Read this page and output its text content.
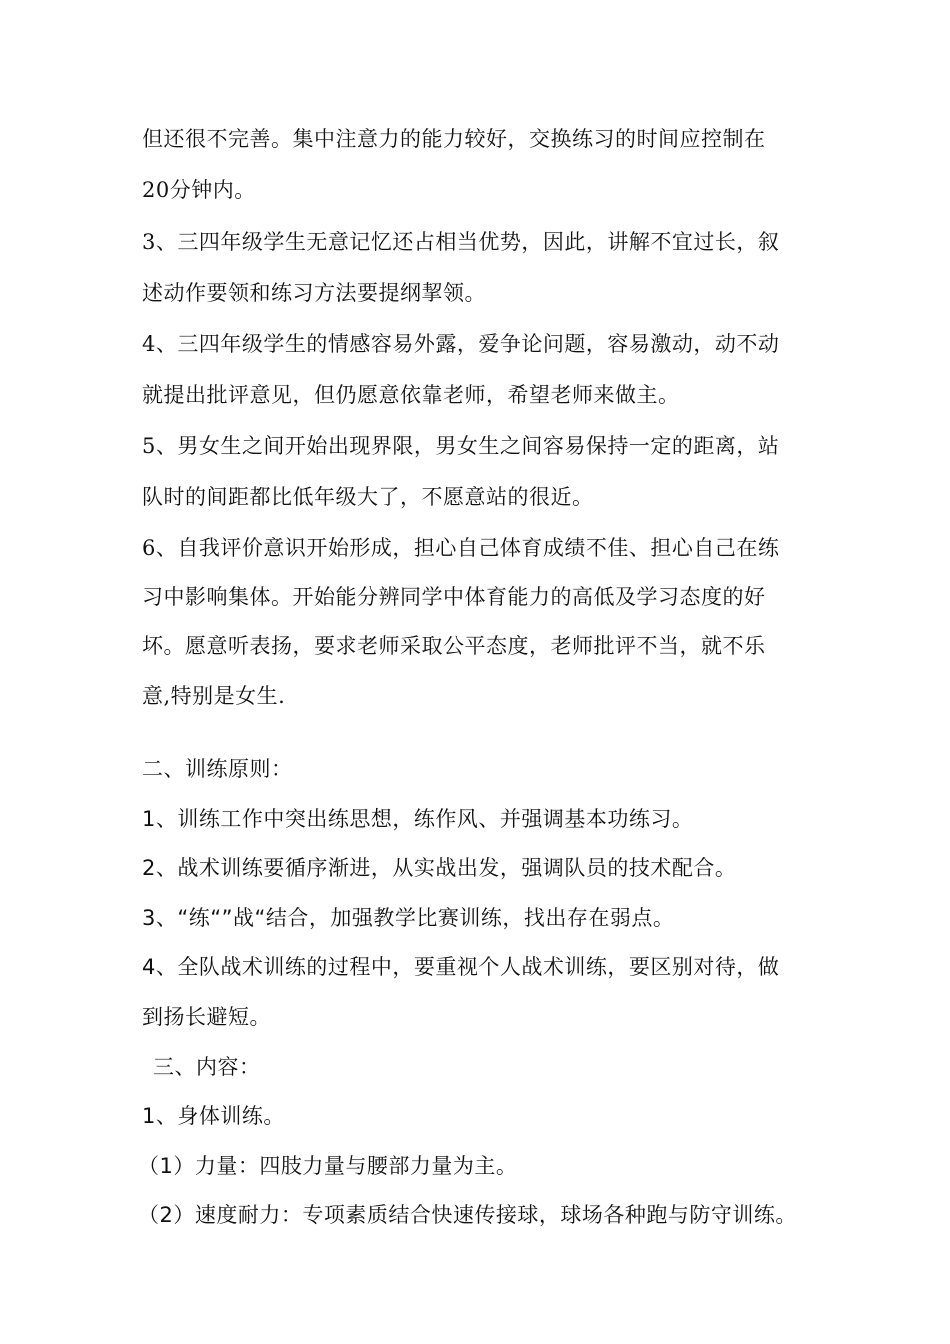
但还很不完善。集中注意力的能力较好，交换练习的时间应控制在
20分钟内。
3、三四年级学生无意记忆还占相当优势，因此，讲解不宜过长，叙
述动作要领和练习方法要提纲挈领。
4、三四年级学生的情感容易外露，爱争论问题，容易激动，动不动
就提出批评意见，但仍愿意依靠老师，希望老师来做主。
5、男女生之间开始出现界限，男女生之间容易保持一定的距离，站
队时的间距都比低年级大了，不愿意站的很近。
6、自我评价意识开始形成，担心自己体育成绩不佳、担心自己在练
习中影响集体。开始能分辨同学中体育能力的高低及学习态度的好
坏。愿意听表扬，要求老师采取公平态度，老师批评不当，就不乐
意,特别是女生.
二、训练原则：
1、训练工作中突出练思想，练作风、并强调基本功练习。
2、战术训练要循序渐进，从实战出发，强调队员的技术配合。
3、“练“”战“结合，加强教学比赛训练，找出存在弱点。
4、全队战术训练的过程中，要重视个人战术训练，要区别对待，做
到扬长避短。
三、内容：
1、身体训练。
（1）力量：四肢力量与腰部力量为主。
（2）速度耐力：专项素质结合快速传接球，球场各种跑与防守训练。
